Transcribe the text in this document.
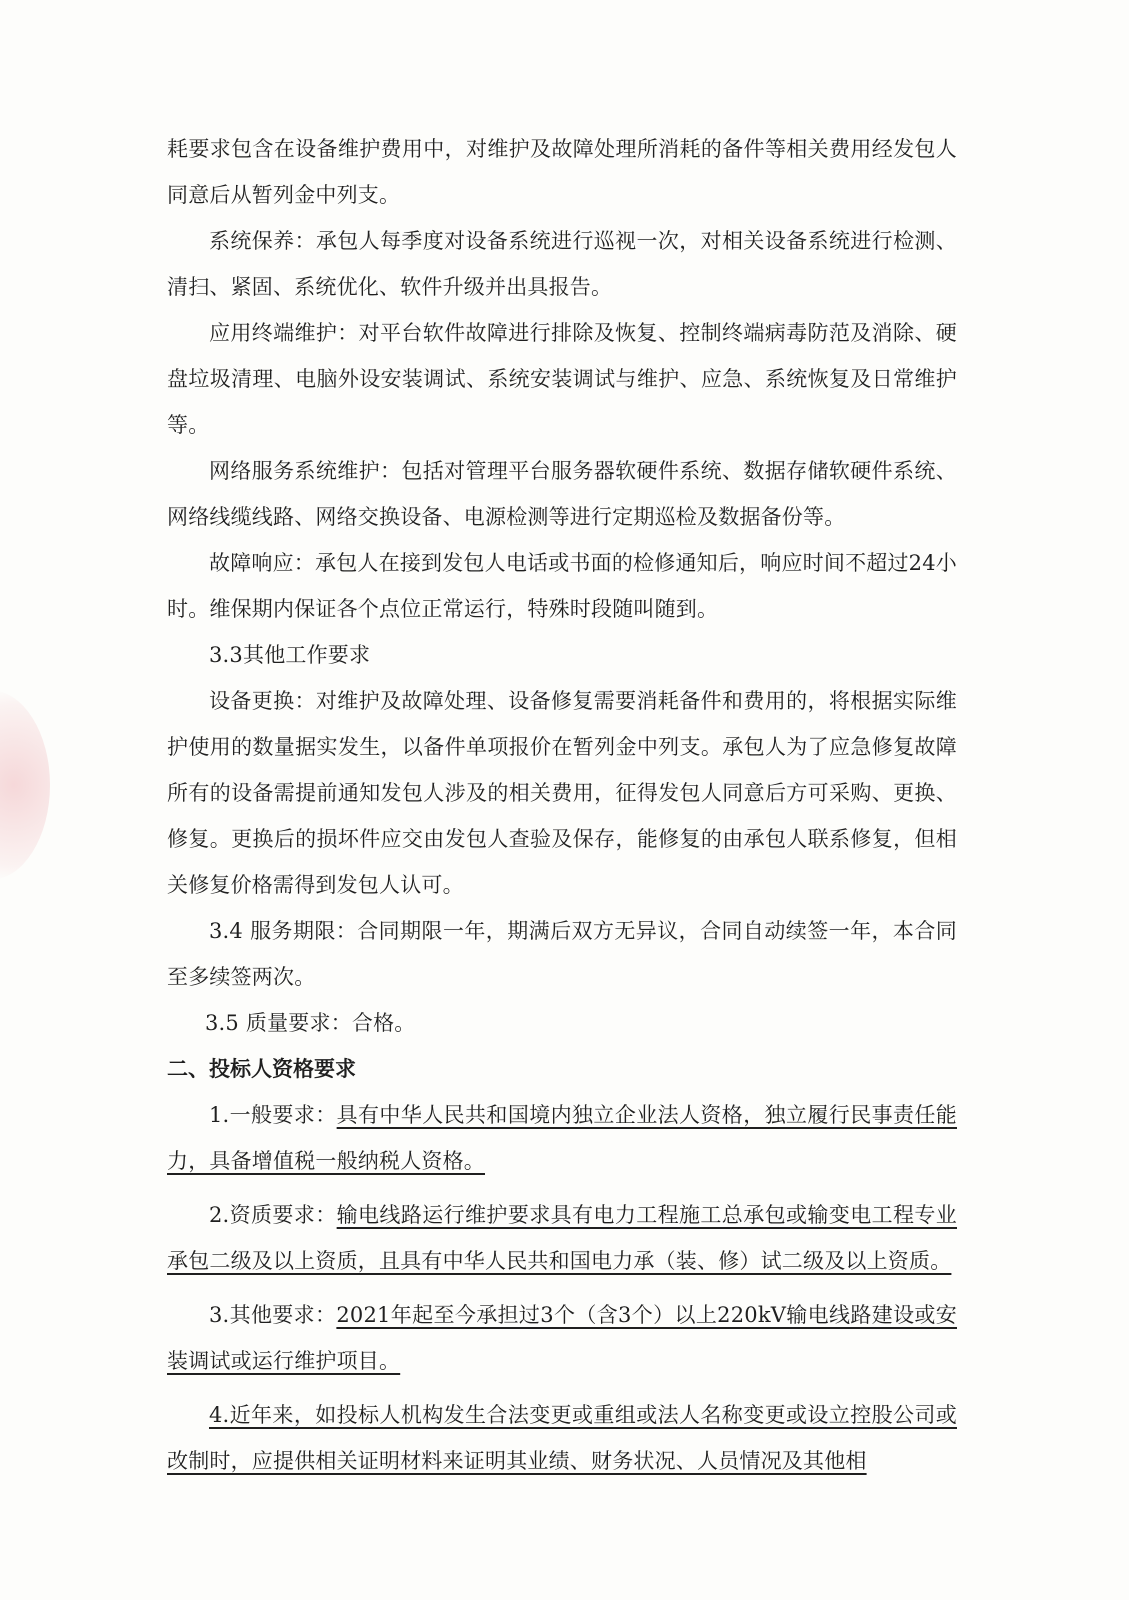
耗要求包含在设备维护费用中，对维护及故障处理所消耗的备件等相关费用经发包人同意后从暂列金中列支。

系统保养：承包人每季度对设备系统进行巡视一次，对相关设备系统进行检测、清扫、紧固、系统优化、软件升级并出具报告。

应用终端维护：对平台软件故障进行排除及恢复、控制终端病毒防范及消除、硬盘垃圾清理、电脑外设安装调试、系统安装调试与维护、应急、系统恢复及日常维护等。

网络服务系统维护：包括对管理平台服务器软硬件系统、数据存储软硬件系统、网络线缆线路、网络交换设备、电源检测等进行定期巡检及数据备份等。

故障响应：承包人在接到发包人电话或书面的检修通知后，响应时间不超过24小时。维保期内保证各个点位正常运行，特殊时段随叫随到。

3.3其他工作要求

设备更换：对维护及故障处理、设备修复需要消耗备件和费用的，将根据实际维护使用的数量据实发生，以备件单项报价在暂列金中列支。承包人为了应急修复故障所有的设备需提前通知发包人涉及的相关费用，征得发包人同意后方可采购、更换、修复。更换后的损坏件应交由发包人查验及保存，能修复的由承包人联系修复，但相关修复价格需得到发包人认可。

3.4 服务期限：合同期限一年，期满后双方无异议，合同自动续签一年，本合同至多续签两次。

3.5 质量要求：合格。

二、投标人资格要求

1.一般要求：具有中华人民共和国境内独立企业法人资格，独立履行民事责任能力，具备增值税一般纳税人资格。

2.资质要求：输电线路运行维护要求具有电力工程施工总承包或输变电工程专业承包二级及以上资质，且具有中华人民共和国电力承（装、修）试二级及以上资质。

3.其他要求：2021年起至今承担过3个（含3个）以上220kV输电线路建设或安装调试或运行维护项目。

4.近年来，如投标人机构发生合法变更或重组或法人名称变更或设立控股公司或改制时，应提供相关证明材料来证明其业绩、财务状况、人员情况及其他相
